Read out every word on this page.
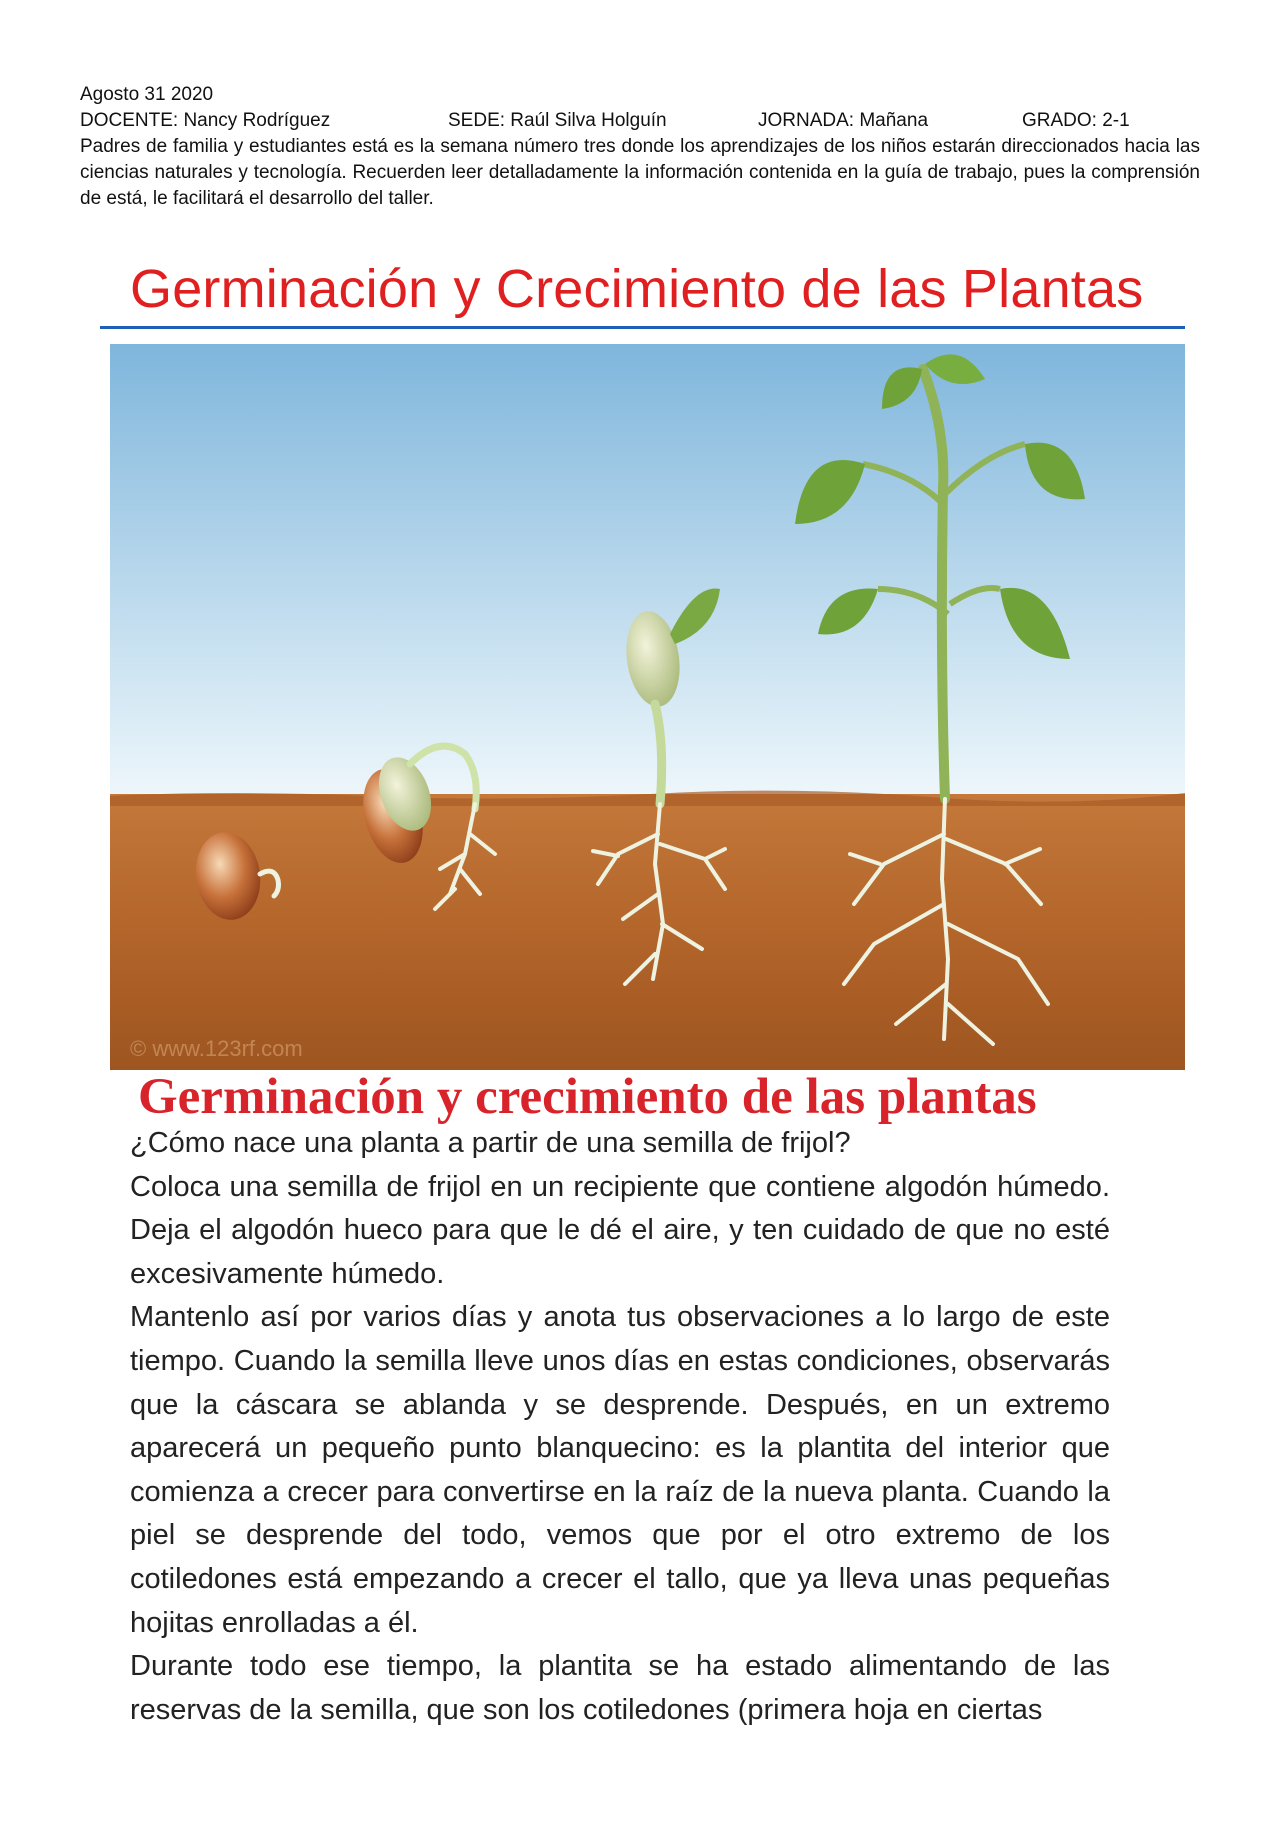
Agosto 31 2020
DOCENTE: Nancy Rodríguez	SEDE: Raúl Silva Holguín	JORNADA: Mañana	GRADO: 2-1
Padres de familia y estudiantes está es la semana número tres donde los aprendizajes de los niños estarán direccionados hacia las ciencias naturales y tecnología. Recuerden leer detalladamente la información contenida en la guía de trabajo, pues la comprensión de está, le facilitará el desarrollo del taller.
Germinación y Crecimiento de las Plantas
© www.123rf.com
Germinación y crecimiento de las plantas

¿Cómo nace una planta a partir de una semilla de frijol?

Coloca una semilla de frijol en un recipiente que contiene algodón húmedo. Deja el algodón hueco para que le dé el aire, y ten cuidado de que no esté excesivamente húmedo.

Mantenlo así por varios días y anota tus observaciones a lo largo de este tiempo. Cuando la semilla lleve unos días en estas condiciones, observarás que la cáscara se ablanda y se desprende. Después, en un extremo aparecerá un pequeño punto blanquecino: es la plantita del interior que comienza a crecer para convertirse en la raíz de la nueva planta. Cuando la piel se desprende del todo, vemos que por el otro extremo de los cotiledones está empezando a crecer el tallo, que ya lleva unas pequeñas hojitas enrolladas a él.

Durante todo ese tiempo, la plantita se ha estado alimentando de las reservas de la semilla, que son los cotiledones (primera hoja en ciertas
